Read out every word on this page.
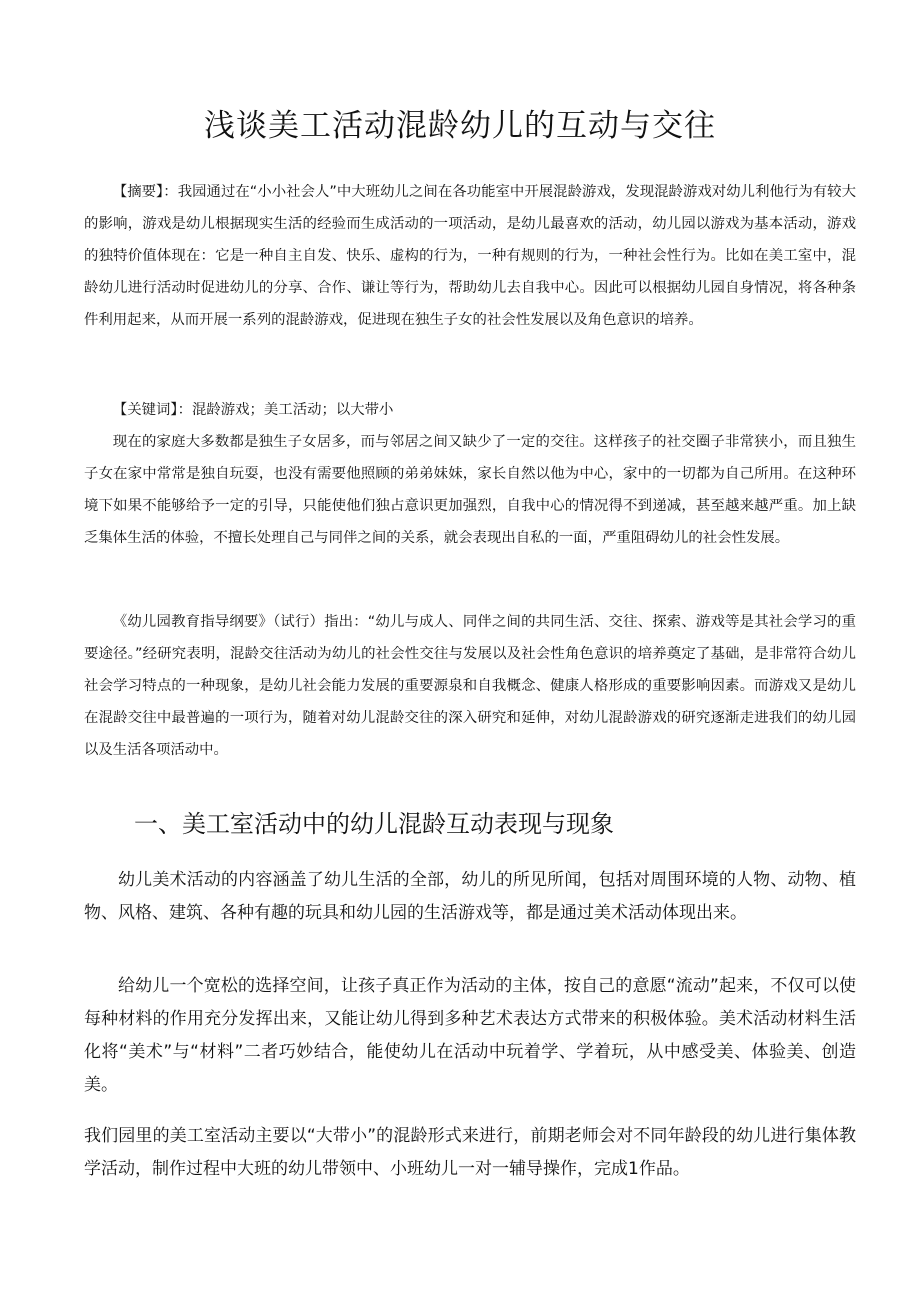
浅谈美工活动混龄幼儿的互动与交往

【摘要】：我园通过在“小小社会人”中大班幼儿之间在各功能室中开展混龄游戏，发现混龄游戏对幼儿利他行为有较大的影响，游戏是幼儿根据现实生活的经验而生成活动的一项活动，是幼儿最喜欢的活动，幼儿园以游戏为基本活动，游戏的独特价值体现在：它是一种自主自发、快乐、虚构的行为，一种有规则的行为，一种社会性行为。比如在美工室中，混龄幼儿进行活动时促进幼儿的分享、合作、谦让等行为，帮助幼儿去自我中心。因此可以根据幼儿园自身情况，将各种条件利用起来，从而开展一系列的混龄游戏，促进现在独生子女的社会性发展以及角色意识的培养。

【关键词】：混龄游戏；美工活动；以大带小

现在的家庭大多数都是独生子女居多，而与邻居之间又缺少了一定的交往。这样孩子的社交圈子非常狭小，而且独生子女在家中常常是独自玩耍，也没有需要他照顾的弟弟妹妹，家长自然以他为中心，家中的一切都为自己所用。在这种环境下如果不能够给予一定的引导，只能使他们独占意识更加强烈，自我中心的情况得不到递减，甚至越来越严重。加上缺乏集体生活的体验，不擅长处理自己与同伴之间的关系，就会表现出自私的一面，严重阻碍幼儿的社会性发展。

《幼儿园教育指导纲要》（试行）指出：“幼儿与成人、同伴之间的共同生活、交往、探索、游戏等是其社会学习的重要途径。”经研究表明，混龄交往活动为幼儿的社会性交往与发展以及社会性角色意识的培养奠定了基础，是非常符合幼儿社会学习特点的一种现象，是幼儿社会能力发展的重要源泉和自我概念、健康人格形成的重要影响因素。而游戏又是幼儿在混龄交往中最普遍的一项行为，随着对幼儿混龄交往的深入研究和延伸，对幼儿混龄游戏的研究逐渐走进我们的幼儿园以及生活各项活动中。

一、美工室活动中的幼儿混龄互动表现与现象

幼儿美术活动的内容涵盖了幼儿生活的全部，幼儿的所见所闻，包括对周围环境的人物、动物、植物、风格、建筑、各种有趣的玩具和幼儿园的生活游戏等，都是通过美术活动体现出来。

给幼儿一个宽松的选择空间，让孩子真正作为活动的主体，按自己的意愿“流动”起来，不仅可以使每种材料的作用充分发挥出来，又能让幼儿得到多种艺术表达方式带来的积极体验。美术活动材料生活化将“美术”与“材料”二者巧妙结合，能使幼儿在活动中玩着学、学着玩，从中感受美、体验美、创造美。

我们园里的美工室活动主要以“大带小”的混龄形式来进行，前期老师会对不同年龄段的幼儿进行集体教学活动，制作过程中大班的幼儿带领中、小班幼儿一对一辅导操作，完成1作品。
